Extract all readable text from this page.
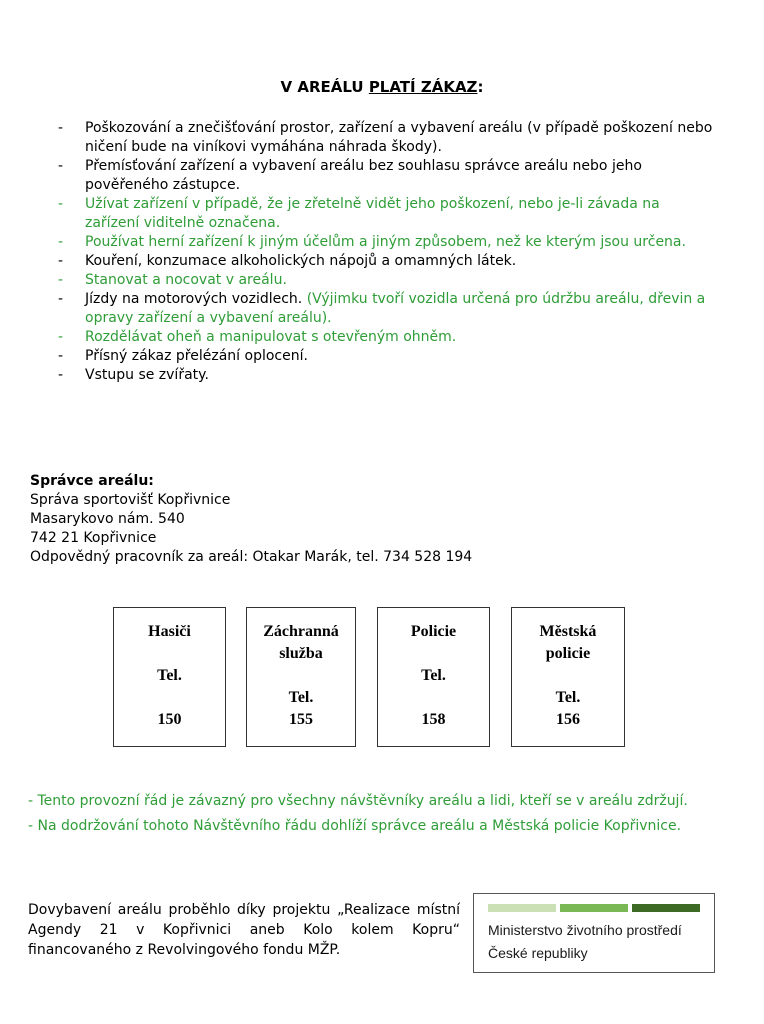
V AREÁLU PLATÍ ZÁKAZ:
-	Poškozování a znečišťování prostor, zařízení a vybavení areálu (v případě poškození nebo ničení bude na viníkovi vymáhána náhrada škody).
-	Přemísťování zařízení a vybavení areálu bez souhlasu správce areálu nebo jeho pověřeného zástupce.
-	Užívat zařízení v případě, že je zřetelně vidět jeho poškození, nebo je-li závada na zařízení viditelně označena.
-	Používat herní zařízení k jiným účelům a jiným způsobem, než ke kterým jsou určena.
-	Kouření, konzumace alkoholických nápojů a omamných látek.
-	Stanovat a nocovat v areálu.
-	Jízdy na motorových vozidlech. (Výjimku tvoří vozidla určená pro údržbu areálu, dřevin a opravy zařízení a vybavení areálu).
-	Rozdělávat oheň a manipulovat s otevřeným ohněm.
-	Přísný zákaz přelézání oplocení.
-	Vstupu se zvířaty.
Správce areálu:
Správa sportovišť Kopřivnice
Masarykovo nám. 540
742 21 Kopřivnice
Odpovědný pracovník za areál: Otakar Marák, tel. 734 528 194
Hasiči
Tel.
150
Záchranná
služba
Tel.
155
Policie
Tel.
158
Městská
policie
Tel.
156

- Tento provozní řád je závazný pro všechny návštěvníky areálu a lidi, kteří se v areálu zdržují.

- Na dodržování tohoto Návštěvního řádu dohlíží správce areálu a Městská policie Kopřivnice.

Dovybavení areálu proběhlo díky projektu „Realizace místní Agendy 21 v Kopřivnici aneb Kolo kolem Kopru“ financovaného z Revolvingového fondu MŽP.
Ministerstvo životního prostředí
České republiky
